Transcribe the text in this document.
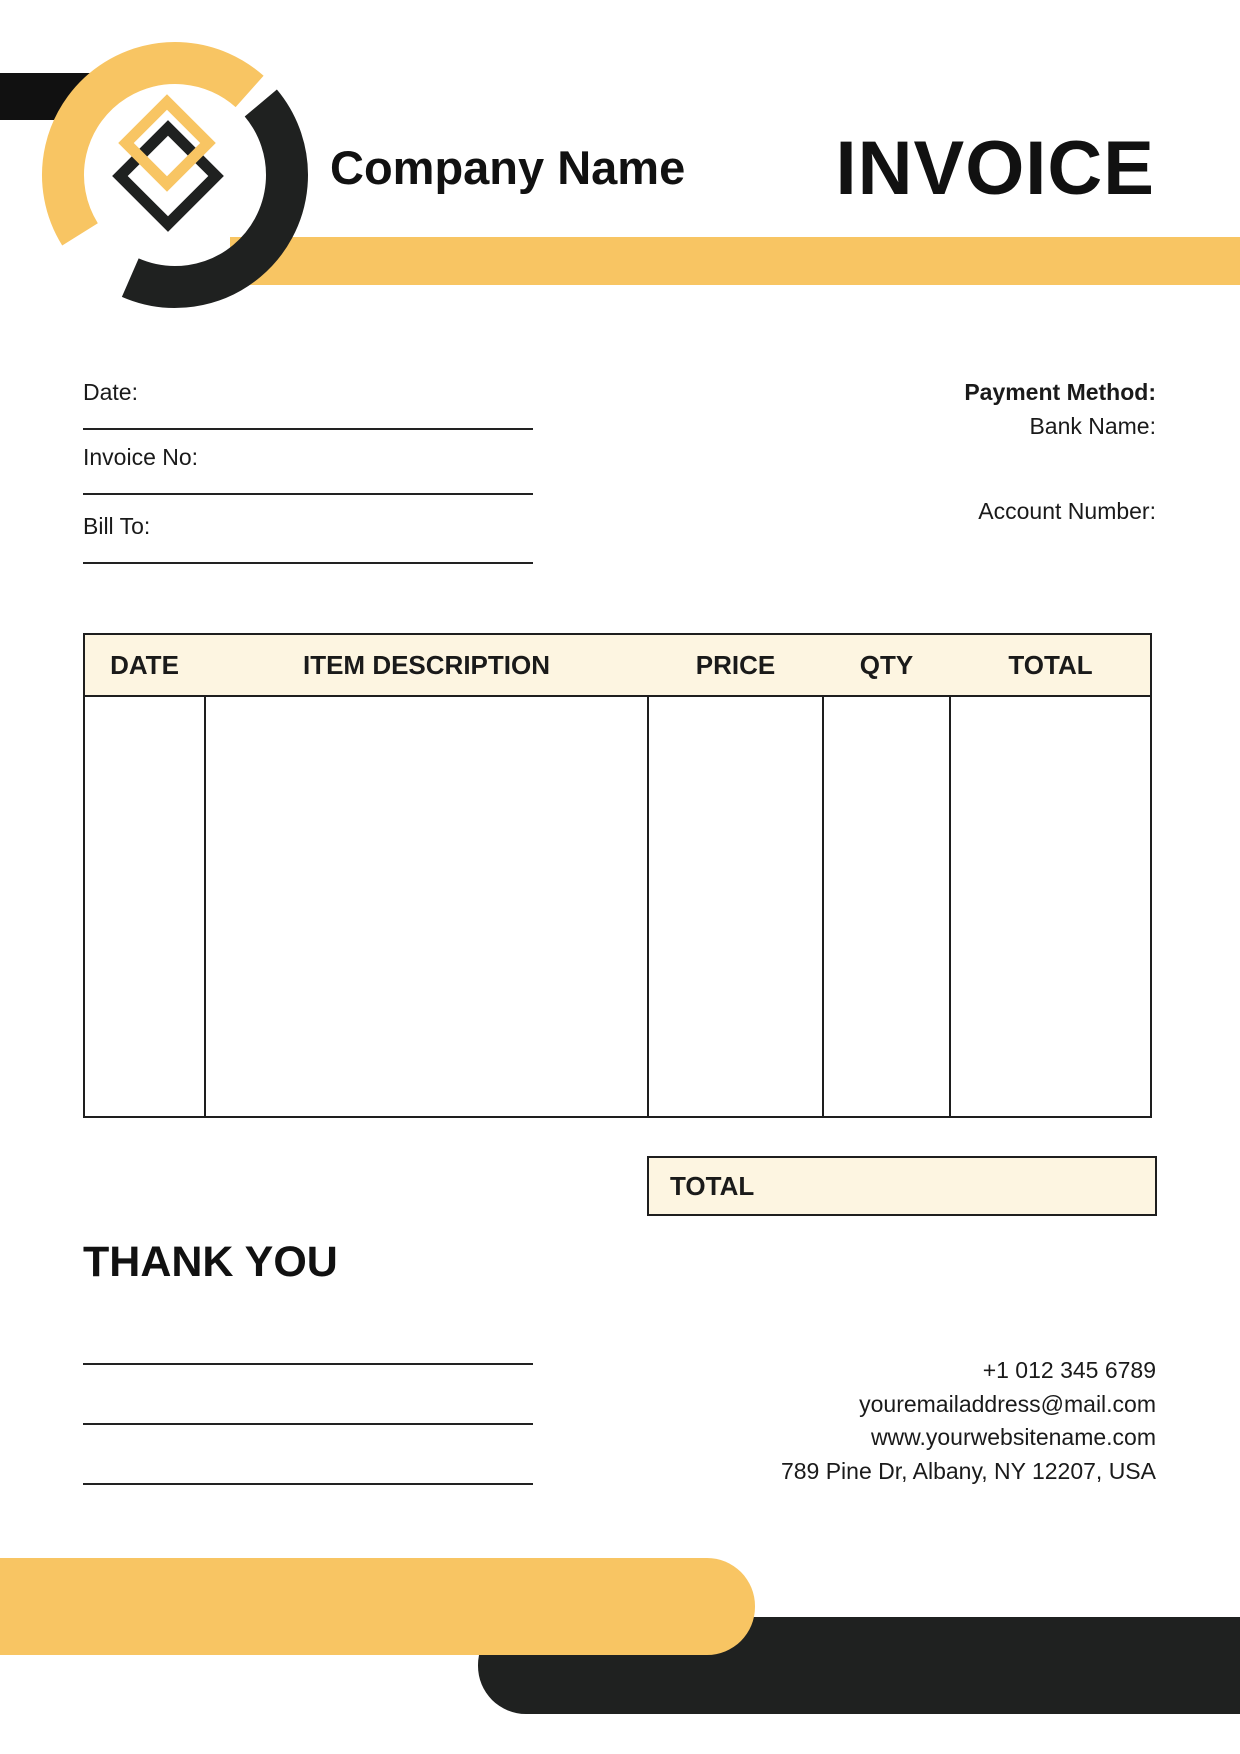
Company Name INVOICE
Date:
Invoice No:
Bill To:
Payment Method:
Bank Name:
Account Number:
DATE	ITEM DESCRIPTION	PRICE	QTY	TOTAL
TOTAL
THANK YOU
+1 012 345 6789
youremailaddress@mail.com
www.yourwebsitename.com
789 Pine Dr, Albany, NY 12207, USA
